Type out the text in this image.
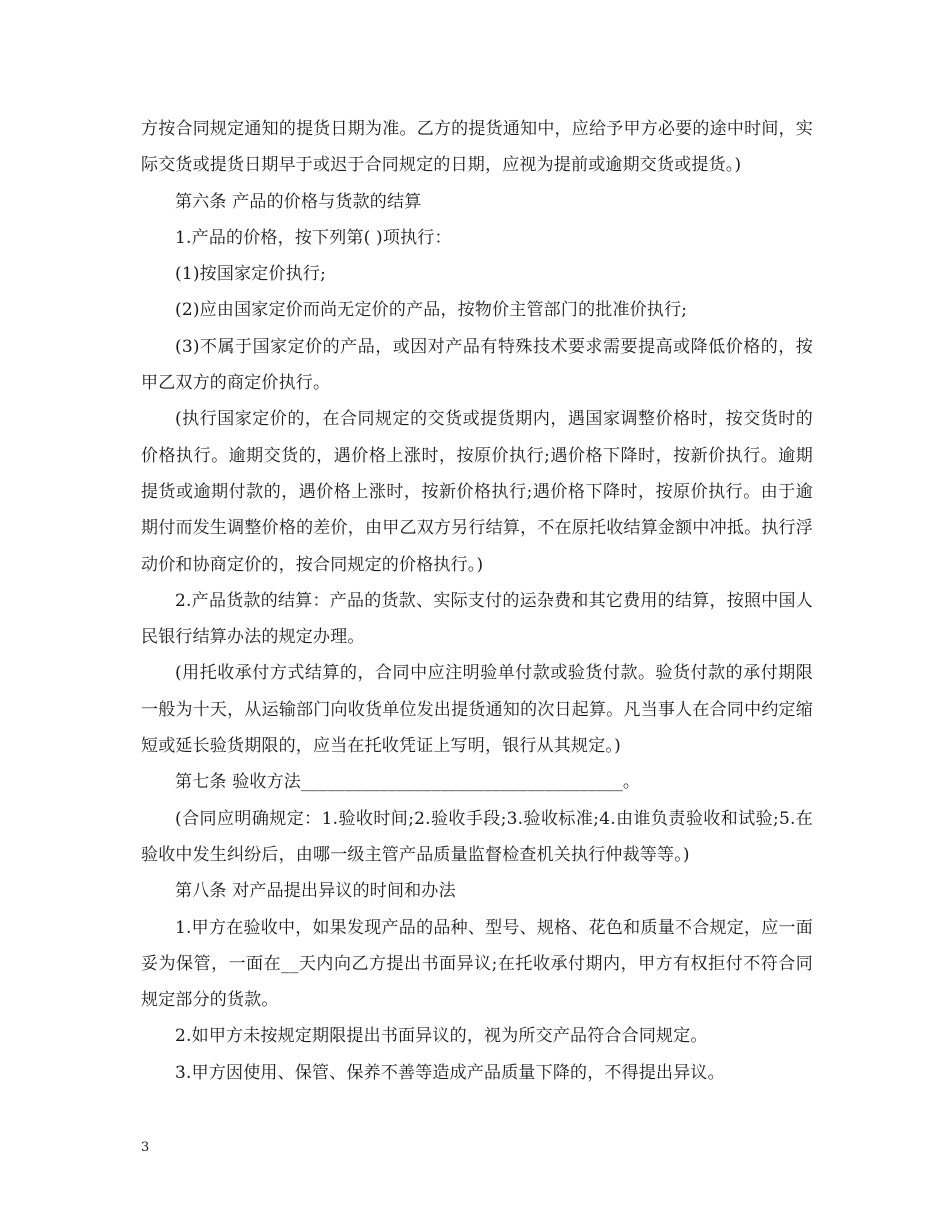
方按合同规定通知的提货日期为准。乙方的提货通知中，应给予甲方必要的途中时间，实际交货或提货日期早于或迟于合同规定的日期，应视为提前或逾期交货或提货。)

第六条 产品的价格与货款的结算

1.产品的价格，按下列第( )项执行：

(1)按国家定价执行;

(2)应由国家定价而尚无定价的产品，按物价主管部门的批准价执行;

(3)不属于国家定价的产品，或因对产品有特殊技术要求需要提高或降低价格的，按甲乙双方的商定价执行。

(执行国家定价的，在合同规定的交货或提货期内，遇国家调整价格时，按交货时的价格执行。逾期交货的，遇价格上涨时，按原价执行;遇价格下降时，按新价执行。逾期提货或逾期付款的，遇价格上涨时，按新价格执行;遇价格下降时，按原价执行。由于逾期付而发生调整价格的差价，由甲乙双方另行结算，不在原托收结算金额中冲抵。执行浮动价和协商定价的，按合同规定的价格执行。)

2.产品货款的结算：产品的货款、实际支付的运杂费和其它费用的结算，按照中国人民银行结算办法的规定办理。

(用托收承付方式结算的，合同中应注明验单付款或验货付款。验货付款的承付期限一般为十天，从运输部门向收货单位发出提货通知的次日起算。凡当事人在合同中约定缩短或延长验货期限的，应当在托收凭证上写明，银行从其规定。)

第七条 验收方法_____________________________________。

(合同应明确规定：1.验收时间;2.验收手段;3.验收标准;4.由谁负责验收和试验;5.在验收中发生纠纷后，由哪一级主管产品质量监督检查机关执行仲裁等等。)

第八条 对产品提出异议的时间和办法

1.甲方在验收中，如果发现产品的品种、型号、规格、花色和质量不合规定，应一面妥为保管，一面在__天内向乙方提出书面异议;在托收承付期内，甲方有权拒付不符合同规定部分的货款。

2.如甲方未按规定期限提出书面异议的，视为所交产品符合合同规定。

3.甲方因使用、保管、保养不善等造成产品质量下降的，不得提出异议。

3
